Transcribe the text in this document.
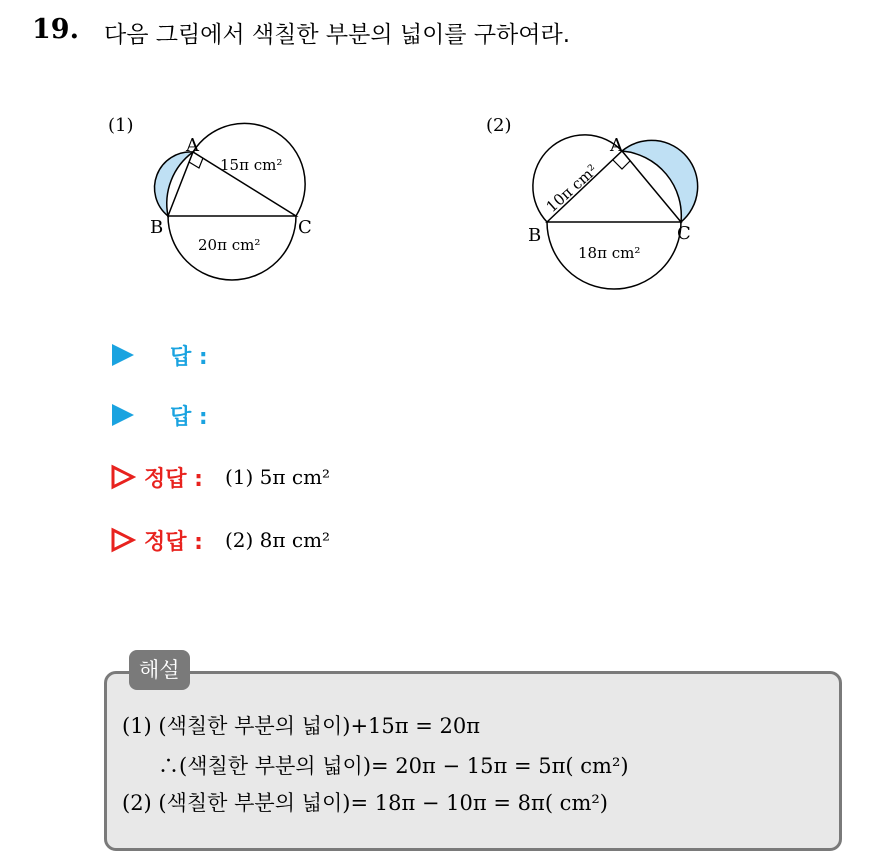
19. 다음 그림에서 색칠한 부분의 넓이를 구하여라.
(1)
A
B	C
15π cm²
20π cm²
(2)
A
B	C
10π cm²
18π cm²
답 :
답 :
정답 : (1) 5π cm²
정답 : (2) 8π cm²
해설
(1) (색칠한 부분의 넓이)+15π = 20π
∴(색칠한 부분의 넓이)= 20π − 15π = 5π( cm²)
(2) (색칠한 부분의 넓이)= 18π − 10π = 8π( cm²)
